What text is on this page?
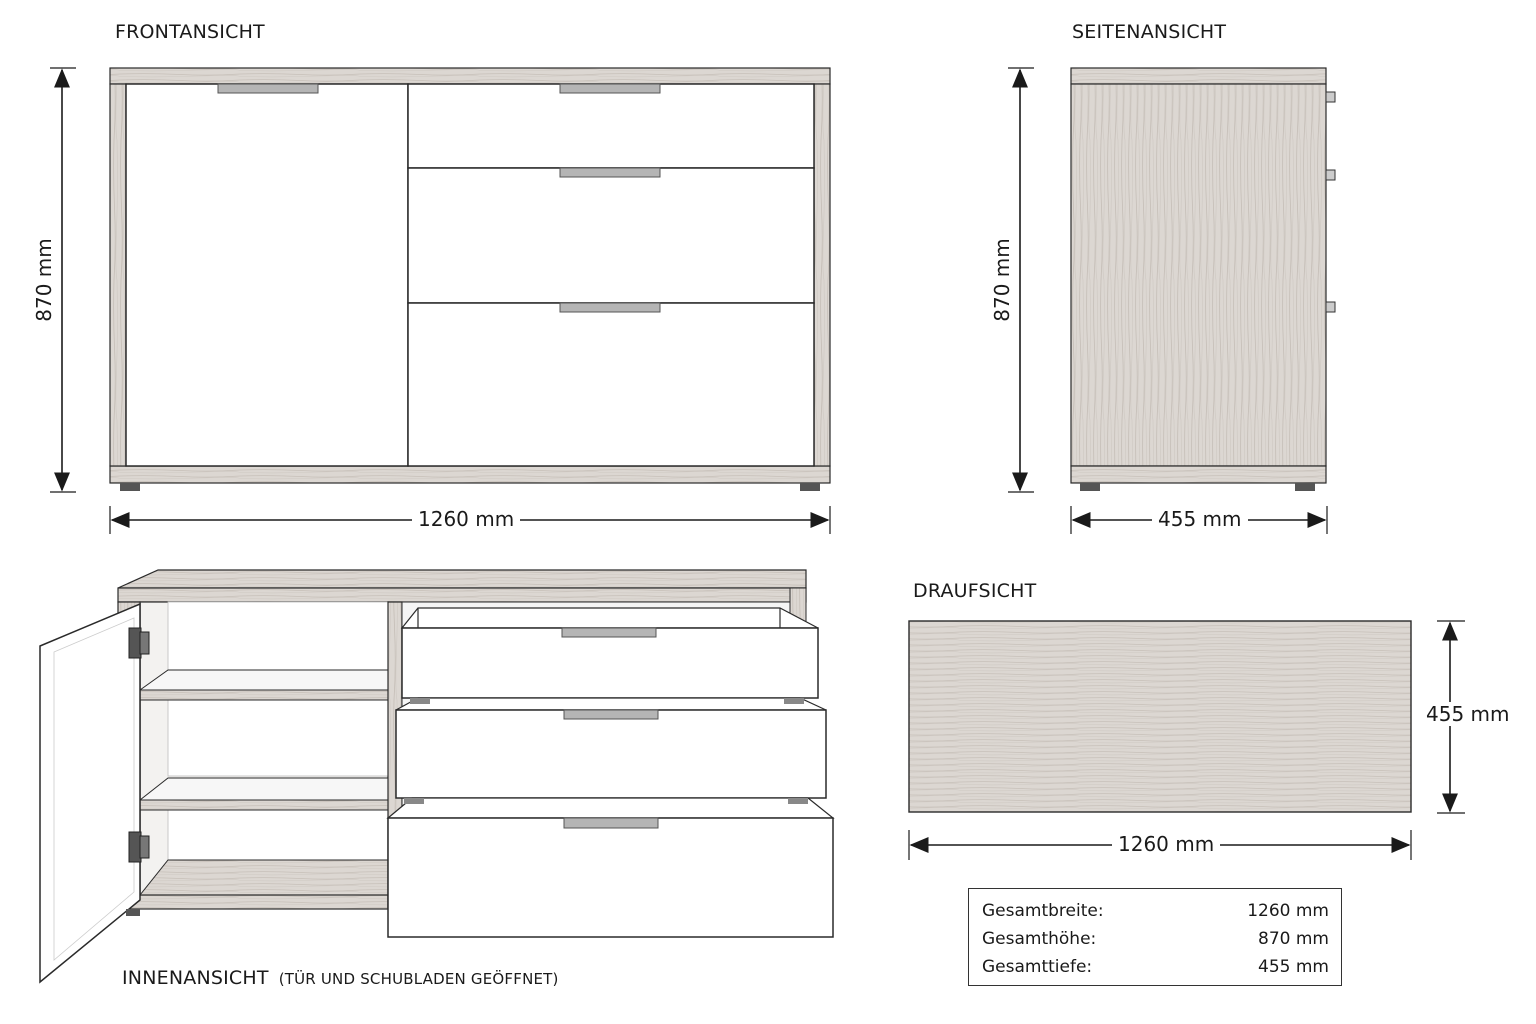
FRONTANSICHT	SEITENANSICHT
DRAUFSICHT
INNENANSICHT (TÜR UND SCHUBLADEN GEÖFFNET)
870 mm
1260 mm
870 mm
455 mm
455 mm
1260 mm
Gesamtbreite:	1260 mm
Gesamthöhe:	870 mm
Gesamttiefe:	455 mm
